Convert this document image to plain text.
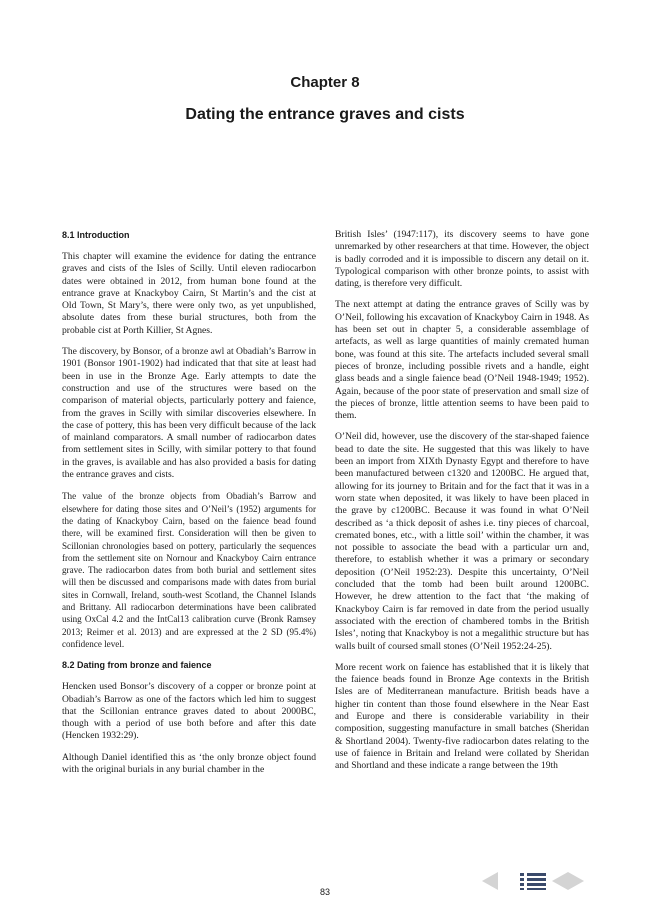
Chapter 8
Dating the entrance graves and cists
8.1 Introduction

This chapter will examine the evidence for dating the entrance graves and cists of the Isles of Scilly. Until eleven radiocarbon dates were obtained in 2012, from human bone found at the entrance grave at Knackyboy Cairn, St Martin’s and the cist at Old Town, St Mary’s, there were only two, as yet unpublished, absolute dates from these burial structures, both from the probable cist at Porth Killier, St Agnes.

The discovery, by Bonsor, of a bronze awl at Obadiah’s Barrow in 1901 (Bonsor 1901-1902) had indicated that that site at least had been in use in the Bronze Age. Early attempts to date the construction and use of the structures were based on the comparison of material objects, particularly pottery and faience, from the graves in Scilly with similar discoveries elsewhere. In the case of pottery, this has been very difficult because of the lack of mainland comparators. A small number of radiocarbon dates from settlement sites in Scilly, with similar pottery to that found in the graves, is available and has also provided a basis for dating the entrance graves and cists.

The value of the bronze objects from Obadiah’s Barrow and elsewhere for dating those sites and O’Neil’s (1952) arguments for the dating of Knackyboy Cairn, based on the faience bead found there, will be examined first. Consideration will then be given to Scillonian chronologies based on pottery, particularly the sequences from the settlement site on Nornour and Knackyboy Cairn entrance grave. The radiocarbon dates from both burial and settlement sites will then be discussed and comparisons made with dates from burial sites in Cornwall, Ireland, south-west Scotland, the Channel Islands and Brittany. All radiocarbon determinations have been calibrated using OxCal 4.2 and the IntCal13 calibration curve (Bronk Ramsey 2013; Reimer et al. 2013) and are expressed at the 2 SD (95.4%) confidence level.

8.2 Dating from bronze and faience

Hencken used Bonsor’s discovery of a copper or bronze point at Obadiah’s Barrow as one of the factors which led him to suggest that the Scillonian entrance graves dated to about 2000BC, though with a period of use both before and after this date (Hencken 1932:29).

Although Daniel identified this as ‘the only bronze object found with the original burials in any burial chamber in the

British Isles’ (1947:117), its discovery seems to have gone unremarked by other researchers at that time. However, the object is badly corroded and it is impossible to discern any detail on it. Typological comparison with other bronze points, to assist with dating, is therefore very difficult.

The next attempt at dating the entrance graves of Scilly was by O’Neil, following his excavation of Knackyboy Cairn in 1948. As has been set out in chapter 5, a considerable assemblage of artefacts, as well as large quantities of mainly cremated human bone, was found at this site. The artefacts included several small pieces of bronze, including possible rivets and a handle, eight glass beads and a single faience bead (O’Neil 1948-1949; 1952). Again, because of the poor state of preservation and small size of the pieces of bronze, little attention seems to have been paid to them.

O’Neil did, however, use the discovery of the star-shaped faience bead to date the site. He suggested that this was likely to have been an import from XIXth Dynasty Egypt and therefore to have been manufactured between c1320 and 1200BC. He argued that, allowing for its journey to Britain and for the fact that it was in a worn state when deposited, it was likely to have been placed in the grave by c1200BC. Because it was found in what O’Neil described as ‘a thick deposit of ashes i.e. tiny pieces of charcoal, cremated bones, etc., with a little soil’ within the chamber, it was not possible to associate the bead with a particular urn and, therefore, to establish whether it was a primary or secondary deposition (O’Neil 1952:23). Despite this uncertainty, O’Neil concluded that the tomb had been built around 1200BC. However, he drew attention to the fact that ‘the making of Knackyboy Cairn is far removed in date from the period usually associated with the erection of chambered tombs in the British Isles’, noting that Knackyboy is not a megalithic structure but has walls built of coursed small stones (O’Neil 1952:24-25).

More recent work on faience has established that it is likely that the faience beads found in Bronze Age contexts in the British Isles are of Mediterranean manufacture. British beads have a higher tin content than those found elsewhere in the Near East and Europe and there is considerable variability in their composition, suggesting manufacture in small batches (Sheridan & Shortland 2004). Twenty-five radiocarbon dates relating to the use of faience in Britain and Ireland were collated by Sheridan and Shortland and these indicate a range between the 19th

83
